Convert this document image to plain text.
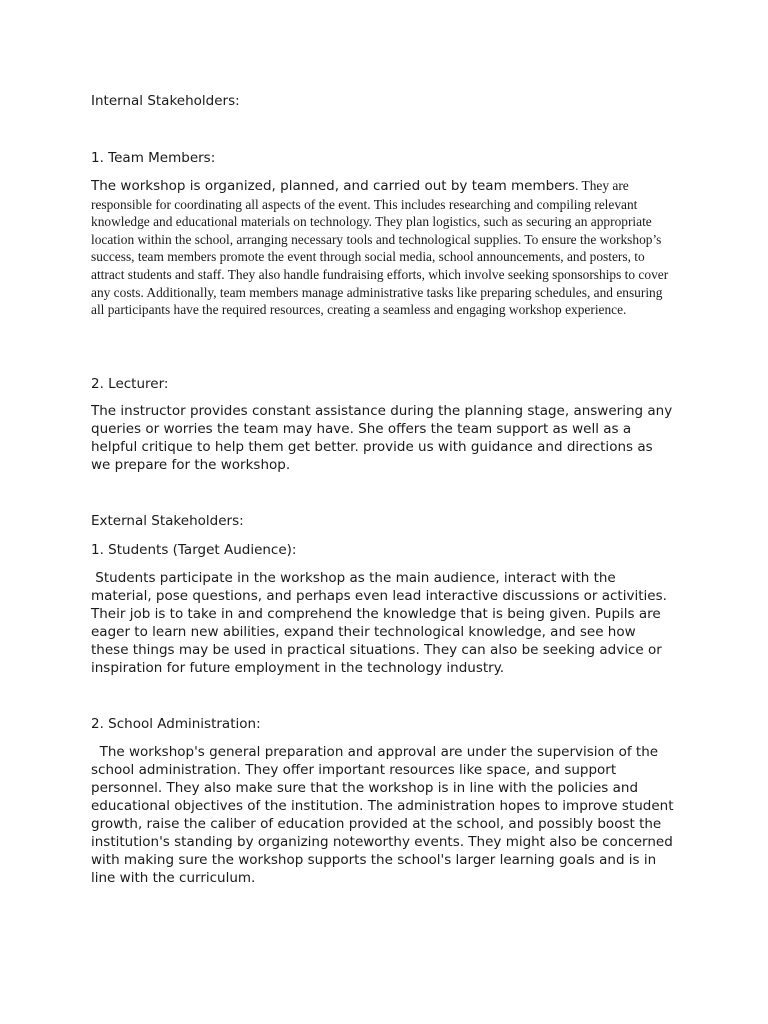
Internal Stakeholders:

1. Team Members:

The workshop is organized, planned, and carried out by team members. They are responsible for coordinating all aspects of the event. This includes researching and compiling relevant knowledge and educational materials on technology. They plan logistics, such as securing an appropriate location within the school, arranging necessary tools and technological supplies. To ensure the workshop’s success, team members promote the event through social media, school announcements, and posters, to attract students and staff. They also handle fundraising efforts, which involve seeking sponsorships to cover any costs. Additionally, team members manage administrative tasks like preparing schedules, and ensuring all participants have the required resources, creating a seamless and engaging workshop experience.

2. Lecturer:

The instructor provides constant assistance during the planning stage, answering any queries or worries the team may have. She offers the team support as well as a helpful critique to help them get better. provide us with guidance and directions as we prepare for the workshop.

External Stakeholders:

1. Students (Target Audience):

Students participate in the workshop as the main audience, interact with the material, pose questions, and perhaps even lead interactive discussions or activities. Their job is to take in and comprehend the knowledge that is being given. Pupils are eager to learn new abilities, expand their technological knowledge, and see how these things may be used in practical situations. They can also be seeking advice or inspiration for future employment in the technology industry.

2. School Administration:

The workshop's general preparation and approval are under the supervision of the school administration. They offer important resources like space, and support personnel. They also make sure that the workshop is in line with the policies and educational objectives of the institution. The administration hopes to improve student growth, raise the caliber of education provided at the school, and possibly boost the institution's standing by organizing noteworthy events. They might also be concerned with making sure the workshop supports the school's larger learning goals and is in line with the curriculum.
